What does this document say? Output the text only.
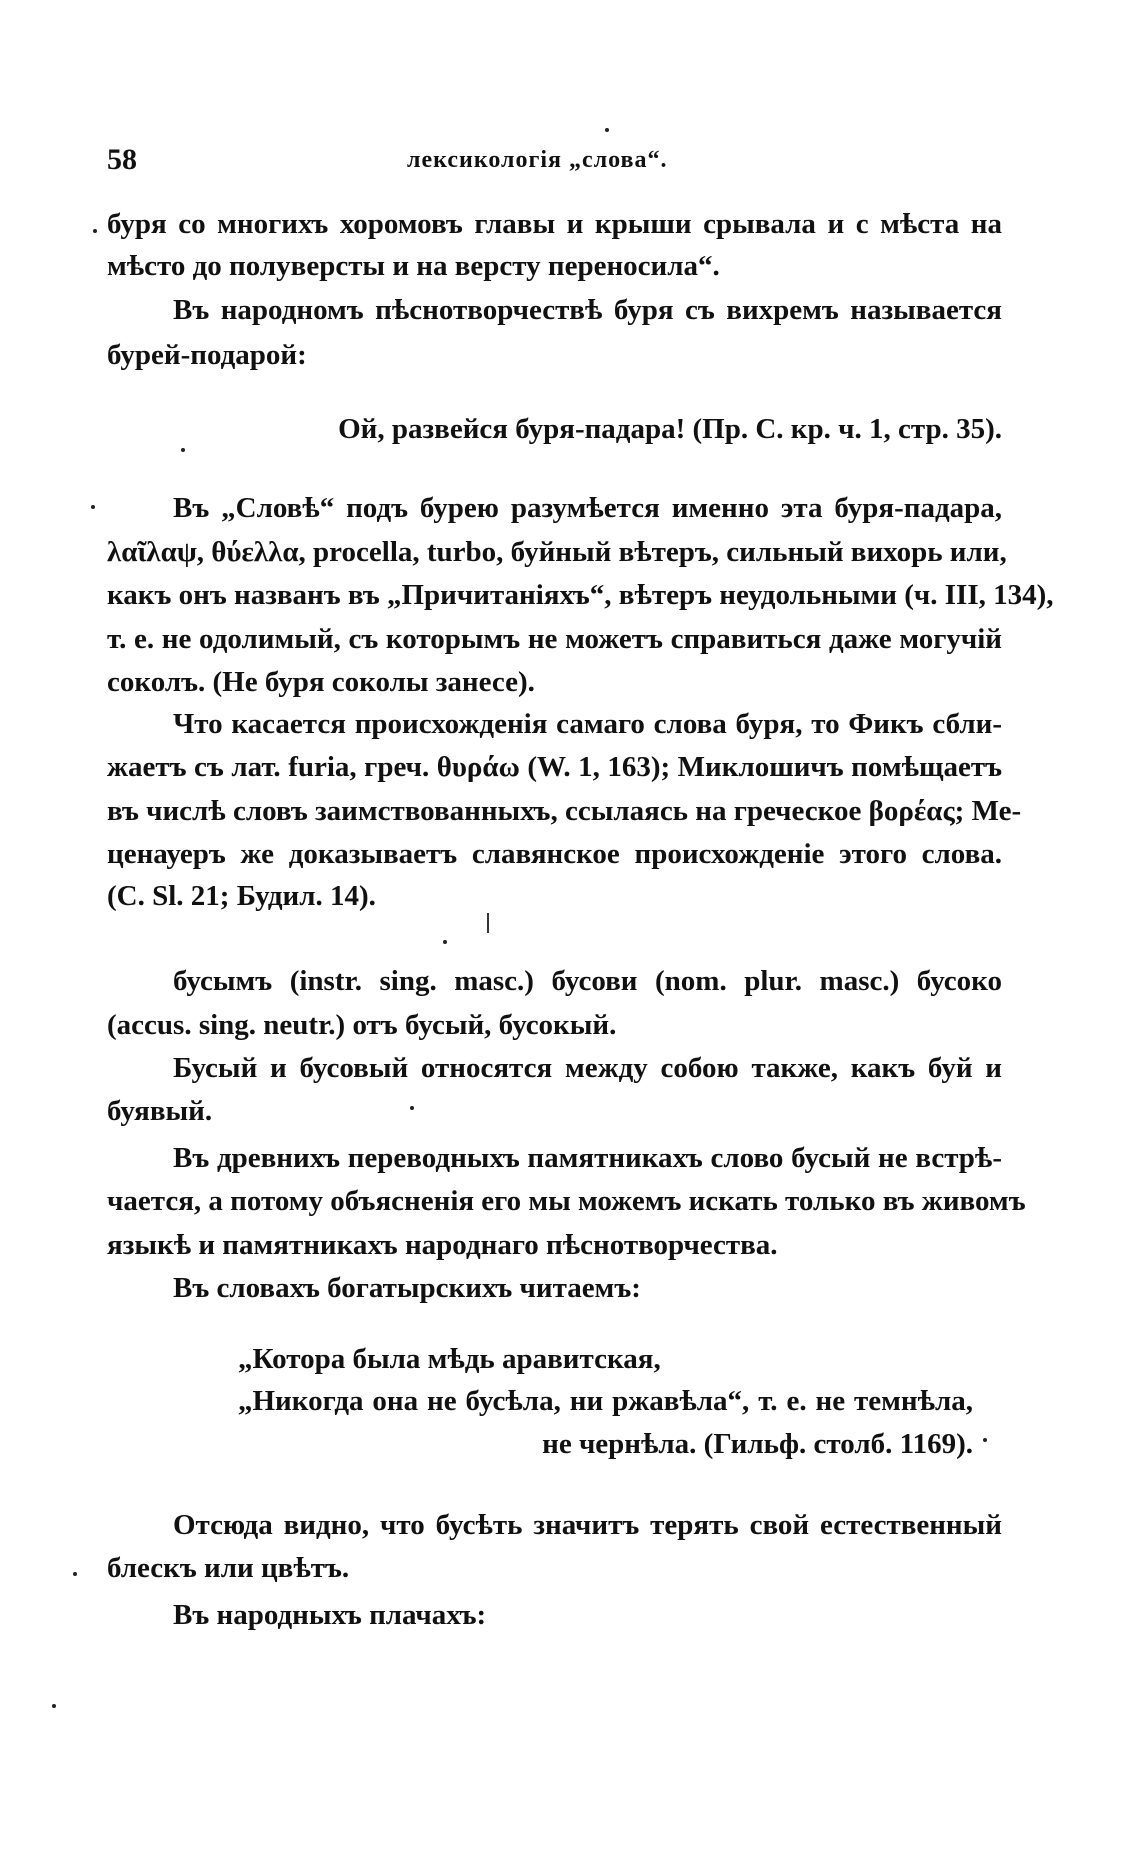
58	лексикологія „слова“.
буря со многихъ хоромовъ главы и крыши срывала и с мѣста на
мѣсто до полуверсты и на версту переносила“.
Въ народномъ пѣснотворчествѣ буря съ вихремъ называется
бурей-подарой:
Ой, развейся буря-падара! (Пр. С. кр. ч. 1, стр. 35).
Въ „Словѣ“ подъ бурею разумѣется именно эта буря-падара,
λαῖλαψ, θύελλα, procella, turbo, буйный вѣтеръ, сильный вихорь или,
какъ онъ названъ въ „Причитаніяхъ“, вѣтеръ неудольными (ч. III, 134),
т. е. не одолимый, съ которымъ не можетъ справиться даже могучій
соколъ. (Не буря соколы занесе).
Что касается происхожденія самаго слова буря, то Фикъ сбли-
жаетъ съ лат. furia, греч. θυράω (W. 1, 163); Миклошичъ помѣщаетъ
въ числѣ словъ заимствованныхъ, ссылаясь на греческое βορέας; Ме-
ценауеръ же доказываетъ славянское происхожденіе этого слова.
(С. Sl. 21; Будил. 14).
бусымъ (instr. sing. masc.) бусови (nom. plur. masc.) бусоко
(accus. sing. neutr.) отъ бусый, бусокый.
Бусый и бусовый относятся между собою также, какъ буй и
буявый.
Въ древнихъ переводныхъ памятникахъ слово бусый не встрѣ-
чается, а потому объясненія его мы можемъ искать только въ живомъ
языкѣ и памятникахъ народнаго пѣснотворчества.
Въ словахъ богатырскихъ читаемъ:
„Котора была мѣдь аравитская,
„Никогда она не бусѣла, ни ржавѣла“, т. е. не темнѣла,
не чернѣла. (Гильф. столб. 1169).
Отсюда видно, что бусѣть значитъ терять свой естественный
блескъ или цвѣтъ.
Въ народныхъ плачахъ:
